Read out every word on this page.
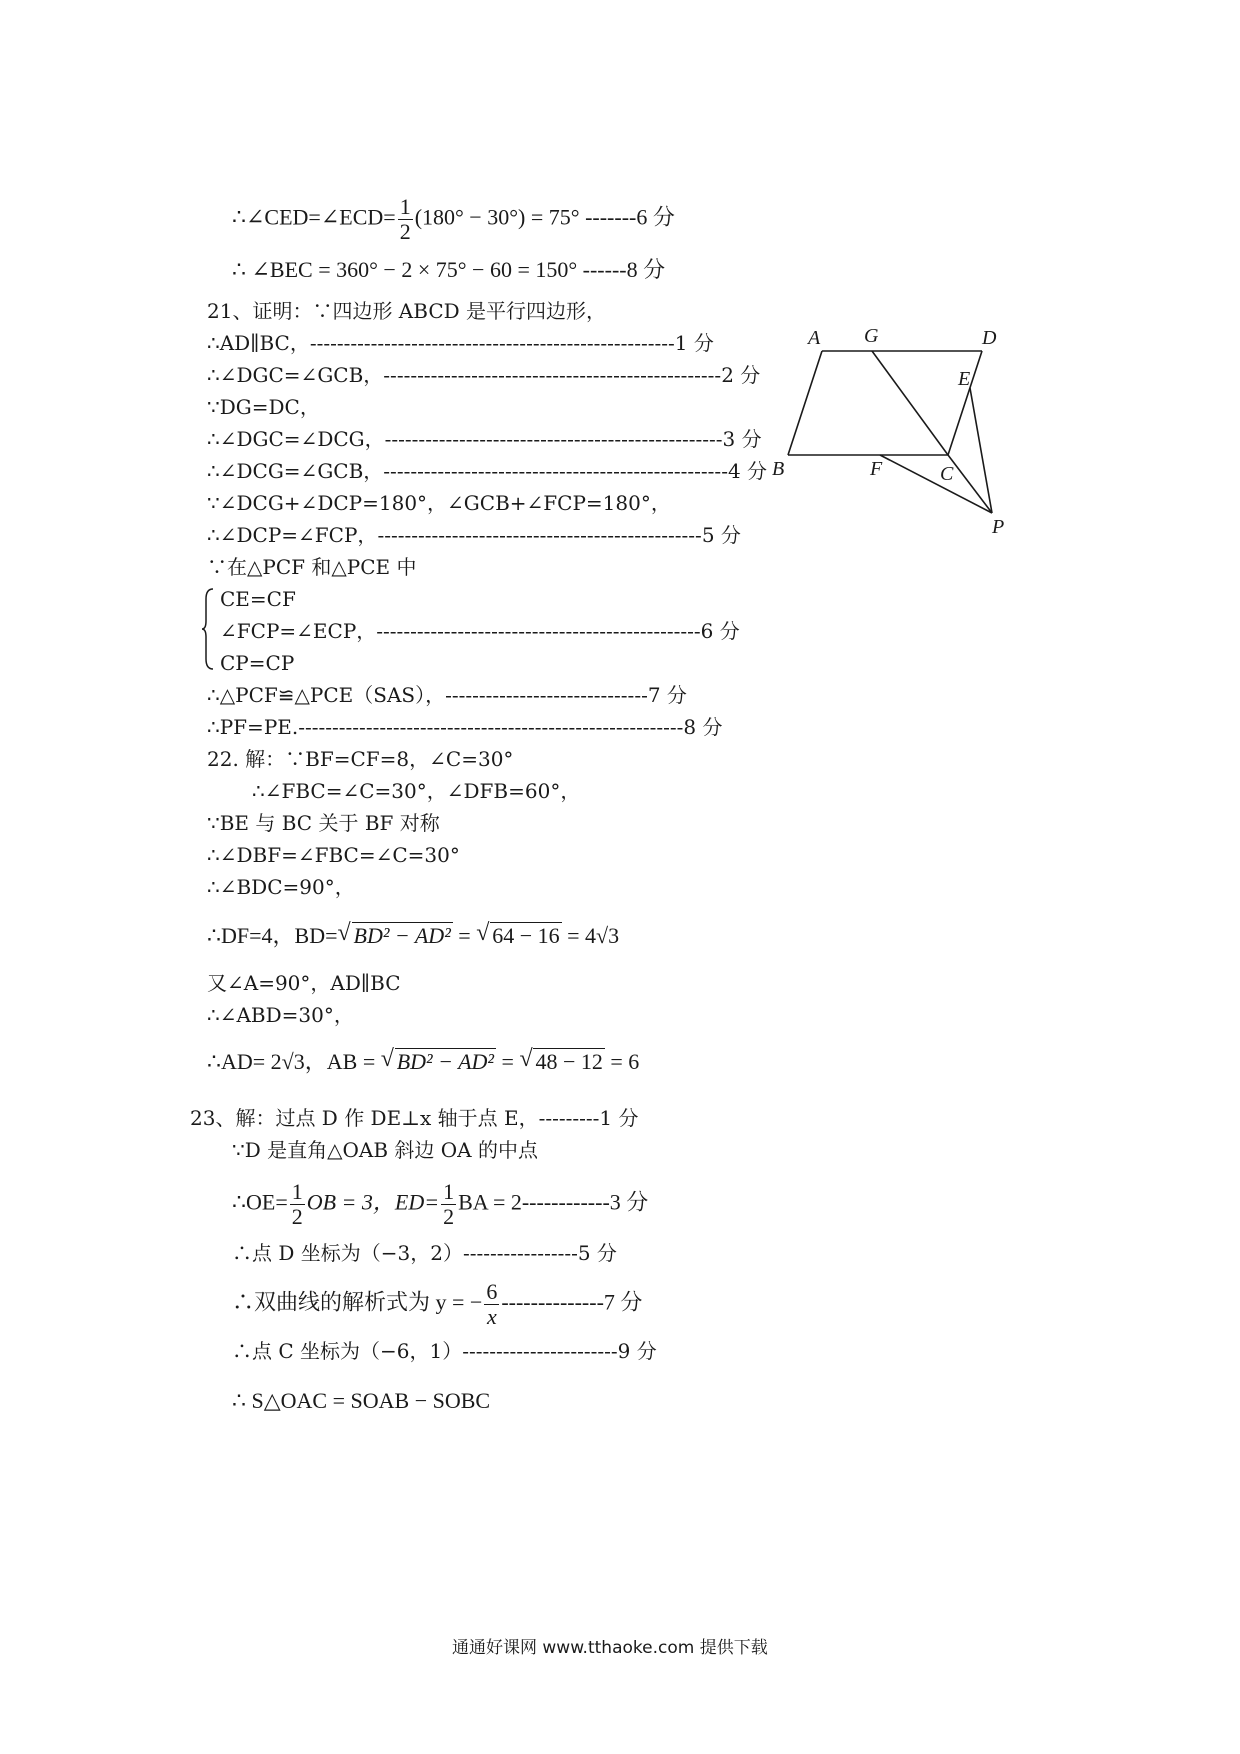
∴∠CED=∠ECD= $\frac{1}{2} (180^\circ - 30^\circ) = 75^\circ$ -------6 分
∴ ∠BEC = 360° − 2 × 75° − 60 = 150° ------8 分
21、证明：∵四边形 ABCD 是平行四边形，
∴AD∥BC，------------------------------------------------------1 分
∴∠DGC=∠GCB，--------------------------------------------------2 分
∵DG=DC，
∴∠DGC=∠DCG，--------------------------------------------------3 分
∴∠DCG=∠GCB，---------------------------------------------------4 分
∵∠DCG+∠DCP=180°，∠GCB+∠FCP=180°，
∴∠DCP=∠FCP，------------------------------------------------5 分
∵在△PCF 和△PCE 中
CE=CF
∠FCP=∠ECP，------------------------------------------------6 分
CP=CP
∴△PCF≌△PCE（SAS），------------------------------7 分
∴PF=PE.---------------------------------------------------------8 分
22. 解：∵BF=CF=8，∠C=30°
∴∠FBC=∠C=30°，∠DFB=60°，
∵BE 与 BC 关于 BF 对称
∴∠DBF=∠FBC=∠C=30°
∴∠BDC=90°，
∴DF=4，BD=√ BD² − AD² = √ 64 − 16 = 4√3
又∠A=90°，AD∥BC
∴∠ABD=30°，
∴AD= 2√3，AB = √ BD² − AD² = √ 48 − 12 = 6
23、解：过点 D 作 DE⊥x 轴于点 E，---------1 分
∵D 是直角△OAB 斜边 OA 的中点
∴OE= $\frac{1}{2}$ OB = 3，$ED= \frac{1}{2}$ BA = 2------------3 分
∴点 D 坐标为（−3，2）-----------------5 分
∴双曲线的解析式为 y = − $\frac{6}{x} --------------7$ 分
∴点 C 坐标为（−6，1）-----------------------9 分
∴ S△OAC = SOAB − SOBC
A G	D
E
B	F	C
P
通通好课网 www.tthaoke.com 提供下载
